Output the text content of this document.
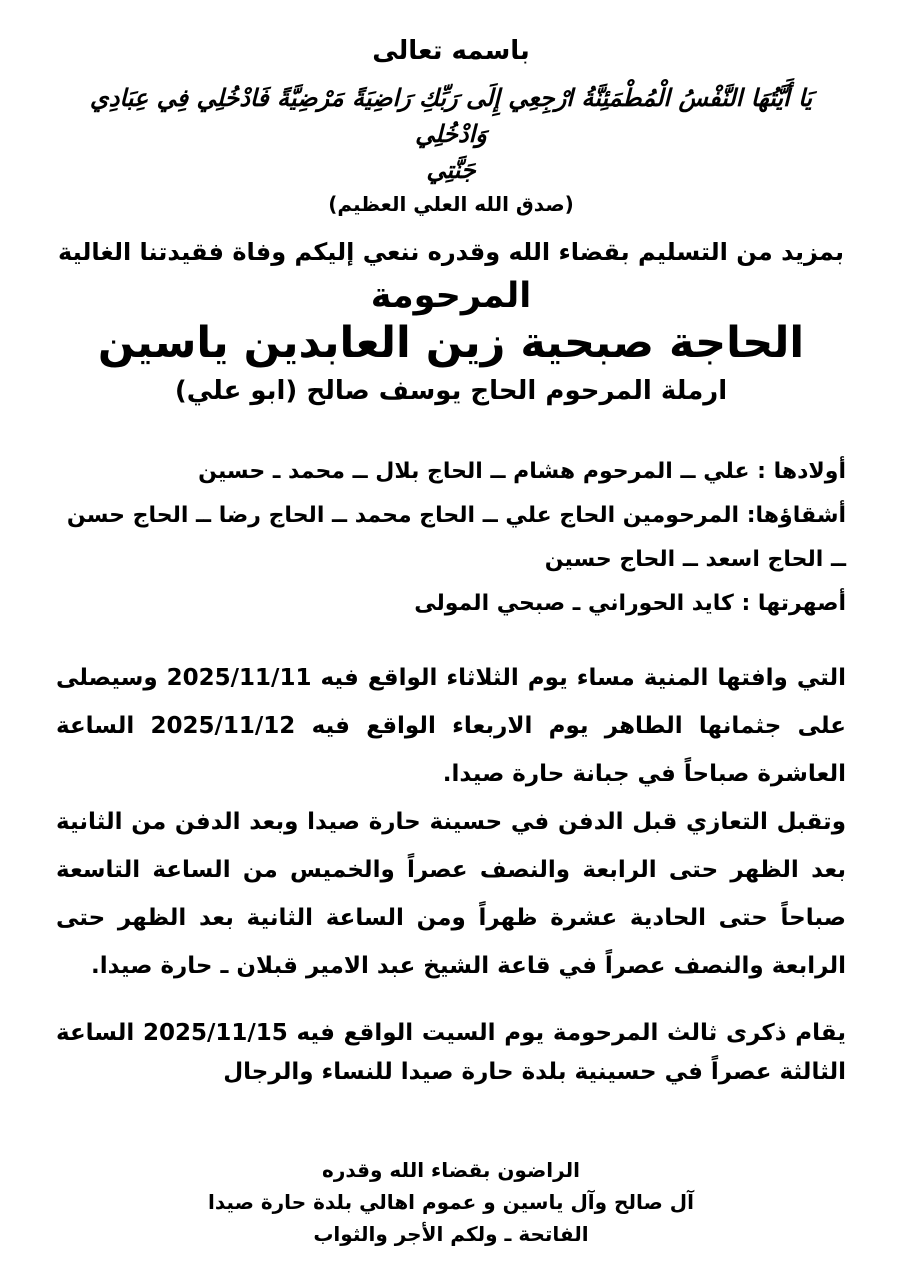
باسمه تعالى
يَا أَيَّتُهَا النَّفْسُ الْمُطْمَئِنَّةُ ارْجِعِي إِلَى رَبِّكِ رَاضِيَةً مَرْضِيَّةً فَادْخُلِي فِي عِبَادِي وَادْخُلِي
جَنَّتِي
(صدق الله العلي العظيم)
بمزيد من التسليم بقضاء الله وقدره ننعي إليكم وفاة فقيدتنا الغالية
المرحومة
الحاجة صبحية زين العابدين ياسين
ارملة المرحوم الحاج يوسف صالح (ابو علي)
أولادها : علي ــ المرحوم هشام ــ الحاج بلال ــ محمد ـ حسين
أشقاؤها: المرحومين الحاج علي ــ الحاج محمد ــ الحاج رضا ــ الحاج حسن ــ الحاج اسعد ــ الحاج حسين
أصهرتها : كايد الحوراني ـ صبحي المولى

التي وافتها المنية مساء يوم الثلاثاء الواقع فيه 2025/11/11 وسيصلى على جثمانها الطاهر يوم الاربعاء الواقع فيه 2025/11/12 الساعة العاشرة صباحاً في جبانة حارة صيدا.

وتقبل التعازي قبل الدفن في حسينة حارة صيدا وبعد الدفن من الثانية بعد الظهر حتى الرابعة والنصف عصراً والخميس من الساعة التاسعة صباحاً حتى الحادية عشرة ظهراً ومن الساعة الثانية بعد الظهر حتى الرابعة والنصف عصراً في قاعة الشيخ عبد الامير قبلان ـ حارة صيدا.

يقام ذكرى ثالث المرحومة يوم السيت الواقع فيه 2025/11/15 الساعة الثالثة عصراً في حسينية بلدة حارة صيدا للنساء والرجال

الراضون بقضاء الله وقدره
آل صالح وآل ياسين و عموم اهالي بلدة حارة صيدا
الفاتحة ـ ولكم الأجر والثواب
